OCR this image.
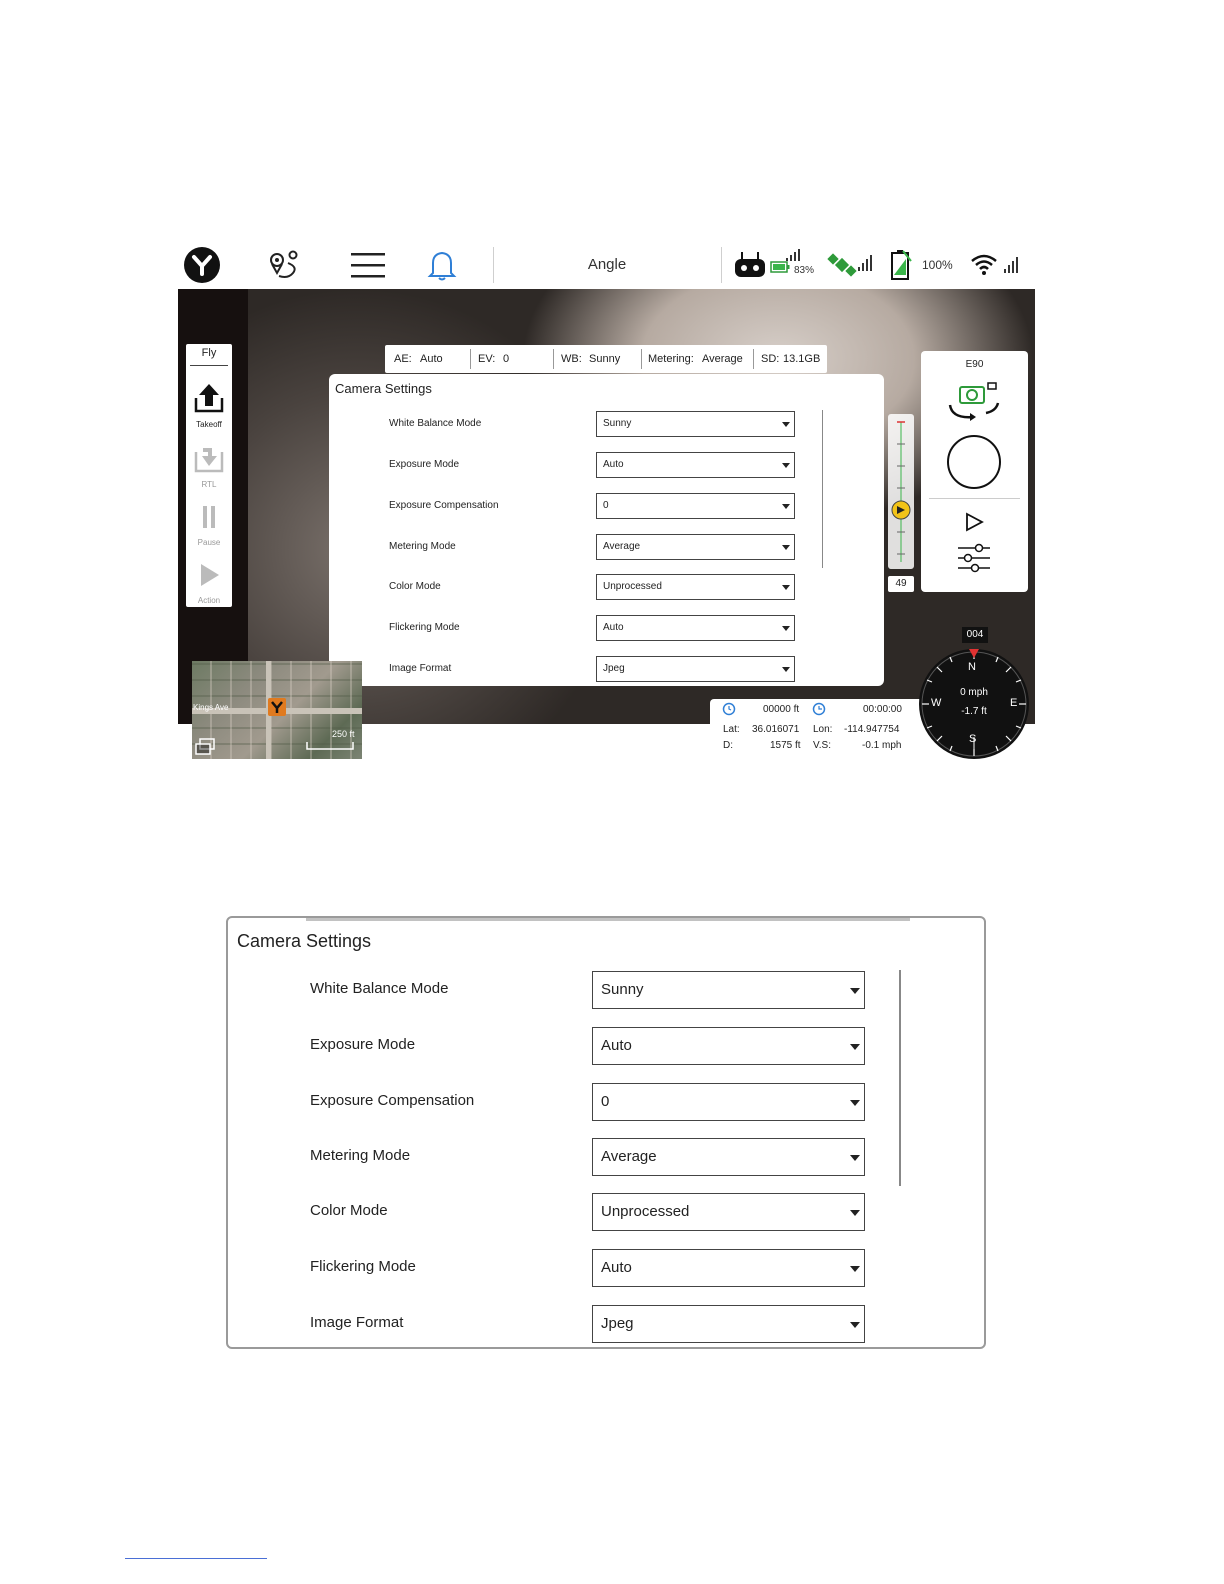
Angle	83%	100%
Fly
Takeoff
RTL
Pause
Action
AE: Auto	EV: 0	WB: Sunny	Metering: Average SD: 13.1GB
Camera Settings
White Balance Mode	Sunny
Exposure Mode	Auto
Exposure Compensation	0
Metering Mode	Average
Color Mode	Unprocessed
Flickering Mode	Auto
Image Format	Jpeg
49
E90
Kings Ave
250 ft
00000 ft	00:00:00
Lat: 36.016071 Lon: -114.947754
D:	1575 ft V.S:	-0.1 mph
004
N
S
E
W
0 mph
-1.7 ft
Camera Settings
White Balance Mode	Sunny
Exposure Mode	Auto
Exposure Compensation	0
Metering Mode	Average
Color Mode	Unprocessed
Flickering Mode	Auto
Image Format	Jpeg
